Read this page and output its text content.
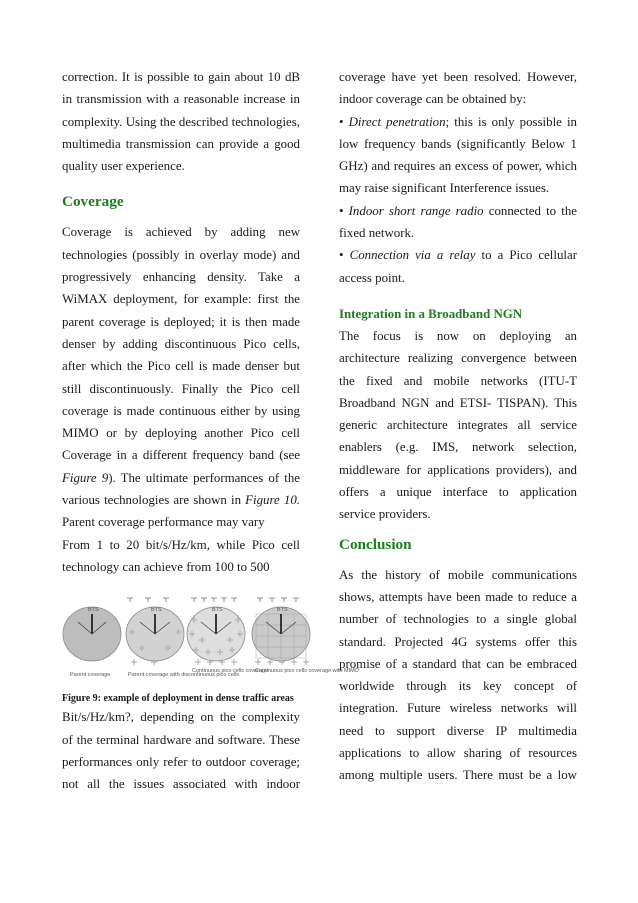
correction. It is possible to gain about 10 dB
in transmission with a reasonable increase in
complexity. Using the described technologies,
multimedia transmission can provide a good
quality user experience.
Coverage
Coverage is achieved by adding new
technologies (possibly in overlay mode) and
progressively enhancing density. Take a
WiMAX deployment, for example: first the
parent coverage is deployed; it is then made
denser by adding discontinuous Pico cells,
after which the Pico cell is made denser but
still discontinuously. Finally the Pico cell
coverage is made continuous either by using
MIMO or by deploying another Pico cell
Coverage in a different frequency band (see
Figure 9). The ultimate performances of the
various technologies are shown in Figure 10.
Parent coverage performance may vary
From 1 to 20 bit/s/Hz/km, while Pico cell
technology can achieve from 100 to 500
BTS
Parent coverage
BTS
Parent coverage with discontinuous pico cells
BTS
Continuous pico cells coverage
BTS
Continuous pico cells coverage with MIMO
Figure 9: example of deployment in dense traffic areas
Bit/s/Hz/km?, depending on the complexity
of the terminal hardware and software. These
performances only refer to outdoor coverage;
not all the issues associated with indoor
coverage have yet been resolved. However,
indoor coverage can be obtained by:
• Direct penetration; this is only possible in
low frequency bands (significantly Below 1
GHz) and requires an excess of power, which
may raise significant Interference issues.
• Indoor short range radio connected to the
fixed network.
• Connection via a relay to a Pico cellular
access point.
Integration in a Broadband NGN
The focus is now on deploying an
architecture realizing convergence between
the fixed and mobile networks (ITU-T
Broadband NGN and ETSI- TISPAN). This
generic architecture integrates all service
enablers (e.g. IMS, network selection,
middleware for applications providers), and
offers a unique interface to application
service providers.
Conclusion
As the history of mobile communications
shows, attempts have been made to reduce a
number of technologies to a single global
standard. Projected 4G systems offer this
promise of a standard that can be embraced
worldwide through its key concept of
integration. Future wireless networks will
need to support diverse IP multimedia
applications to allow sharing of resources
among multiple users. There must be a low
